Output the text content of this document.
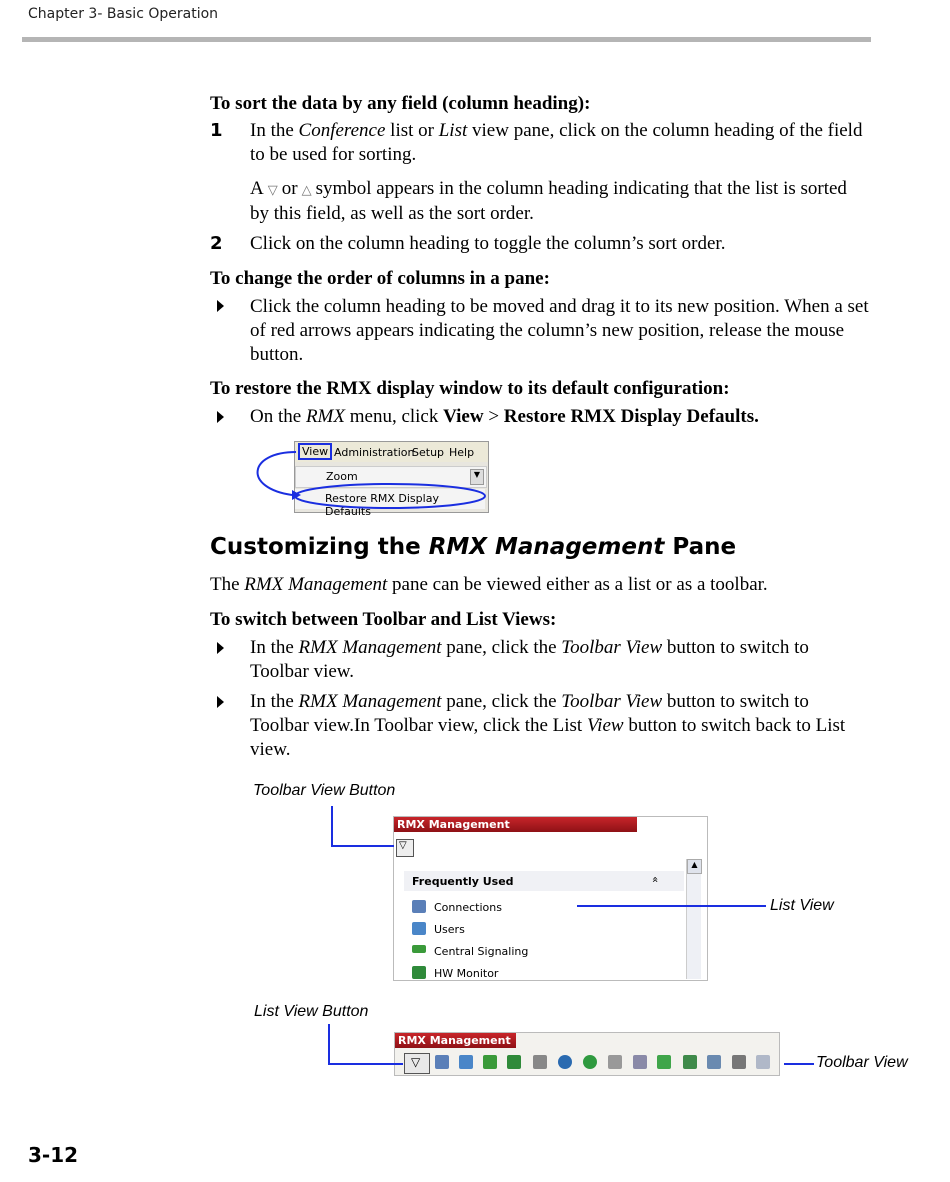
Chapter 3- Basic Operation
To sort the data by any field (column heading):
1 In the Conference list or List view pane, click on the column heading of the field to be used for sorting.
A ▽ or △ symbol appears in the column heading indicating that the list is sorted by this field, as well as the sort order.
2 Click on the column heading to toggle the column’s sort order.
To change the order of columns in a pane:
Click the column heading to be moved and drag it to its new position. When a set of red arrows appears indicating the column’s new position, release the mouse button.
To restore the RMX display window to its default configuration:
On the RMX menu, click View > Restore RMX Display Defaults.
View Administration
Setup Help
Zoom	▼
Restore RMX Display Defaults
Customizing the RMX Management Pane
The RMX Management pane can be viewed either as a list or as a toolbar.
To switch between Toolbar and List Views:
In the RMX Management pane, click the Toolbar View button to switch to Toolbar view.
In the RMX Management pane, click the Toolbar View button to switch to Toolbar view.In Toolbar view, click the List View button to switch back to List view.
Toolbar View Button
List View
List View Button
Toolbar View
RMX Management
▽
Frequently Used	«
Connections
Users
Central Signaling
HW Monitor
▲
RMX Management
▽
3-12
